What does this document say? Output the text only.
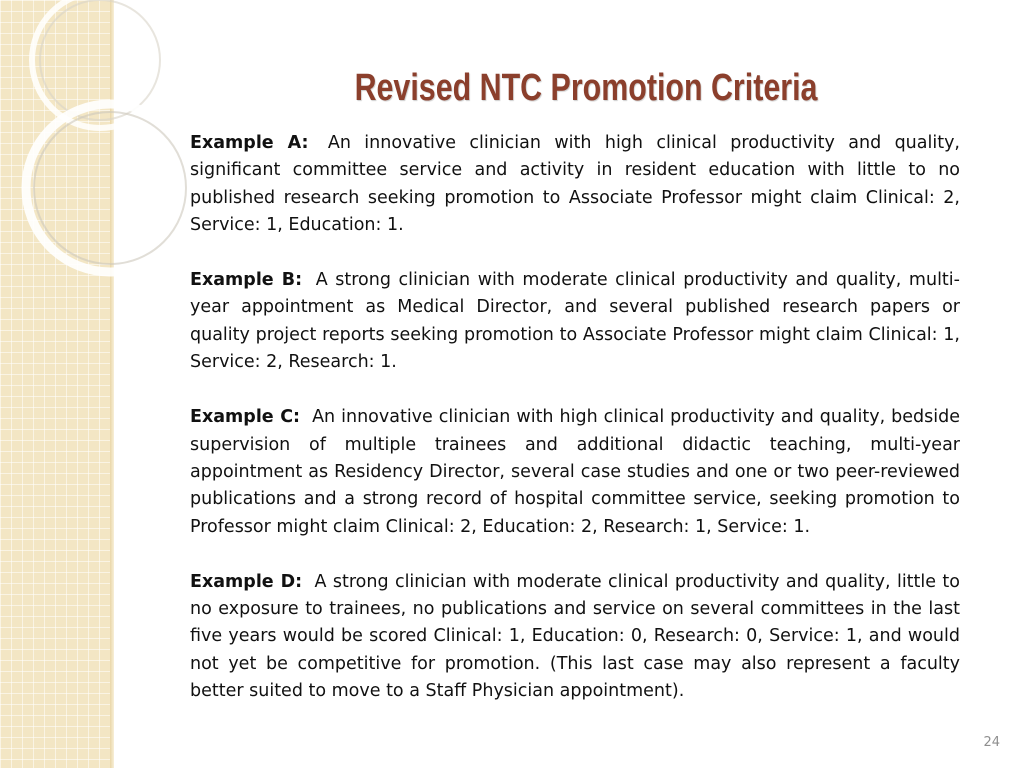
Revised NTC Promotion Criteria

Example A: An innovative clinician with high clinical productivity and quality, significant committee service and activity in resident education with little to no published research seeking promotion to Associate Professor might claim Clinical: 2, Service: 1, Education: 1.

Example B: A strong clinician with moderate clinical productivity and quality, multi-year appointment as Medical Director, and several published research papers or quality project reports seeking promotion to Associate Professor might claim Clinical: 1, Service: 2, Research: 1.

Example C: An innovative clinician with high clinical productivity and quality, bedside supervision of multiple trainees and additional didactic teaching, multi-year appointment as Residency Director, several case studies and one or two peer-reviewed publications and a strong record of hospital committee service, seeking promotion to Professor might claim Clinical: 2, Education: 2, Research: 1, Service: 1.

Example D: A strong clinician with moderate clinical productivity and quality, little to no exposure to trainees, no publications and service on several committees in the last five years would be scored Clinical: 1, Education: 0, Research: 0, Service: 1, and would not yet be competitive for promotion. (This last case may also represent a faculty better suited to move to a Staff Physician appointment).

24
